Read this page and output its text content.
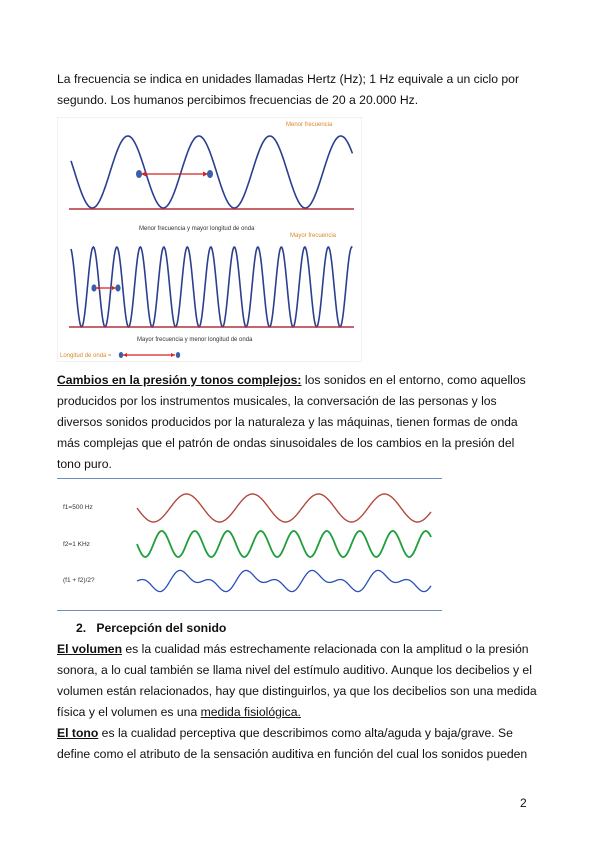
La frecuencia se indica en unidades llamadas Hertz (Hz); 1 Hz equivale a un ciclo por segundo. Los humanos percibimos frecuencias de 20 a 20.000 Hz.

Menor frecuencia
Menor frecuencia y mayor longitud de onda
Mayor frecuencia
Mayor frecuencia y menor longitud de onda
Longitud de onda =

Cambios en la presión y tonos complejos: los sonidos en el entorno, como aquellos producidos por los instrumentos musicales, la conversación de las personas y los diversos sonidos producidos por la naturaleza y las máquinas, tienen formas de onda más complejas que el patrón de ondas sinusoidales de los cambios en la presión del tono puro.

f1=500 Hz
f2=1 KHz
(f1 + f2)/2?
2. Percepción del sonido

El volumen es la cualidad más estrechamente relacionada con la amplitud o la presión sonora, a lo cual también se llama nivel del estímulo auditivo. Aunque los decibelios y el volumen están relacionados, hay que distinguirlos, ya que los decibelios son una medida física y el volumen es una medida fisiológica.

El tono es la cualidad perceptiva que describimos como alta/aguda y baja/grave. Se define como el atributo de la sensación auditiva en función del cual los sonidos pueden

2
